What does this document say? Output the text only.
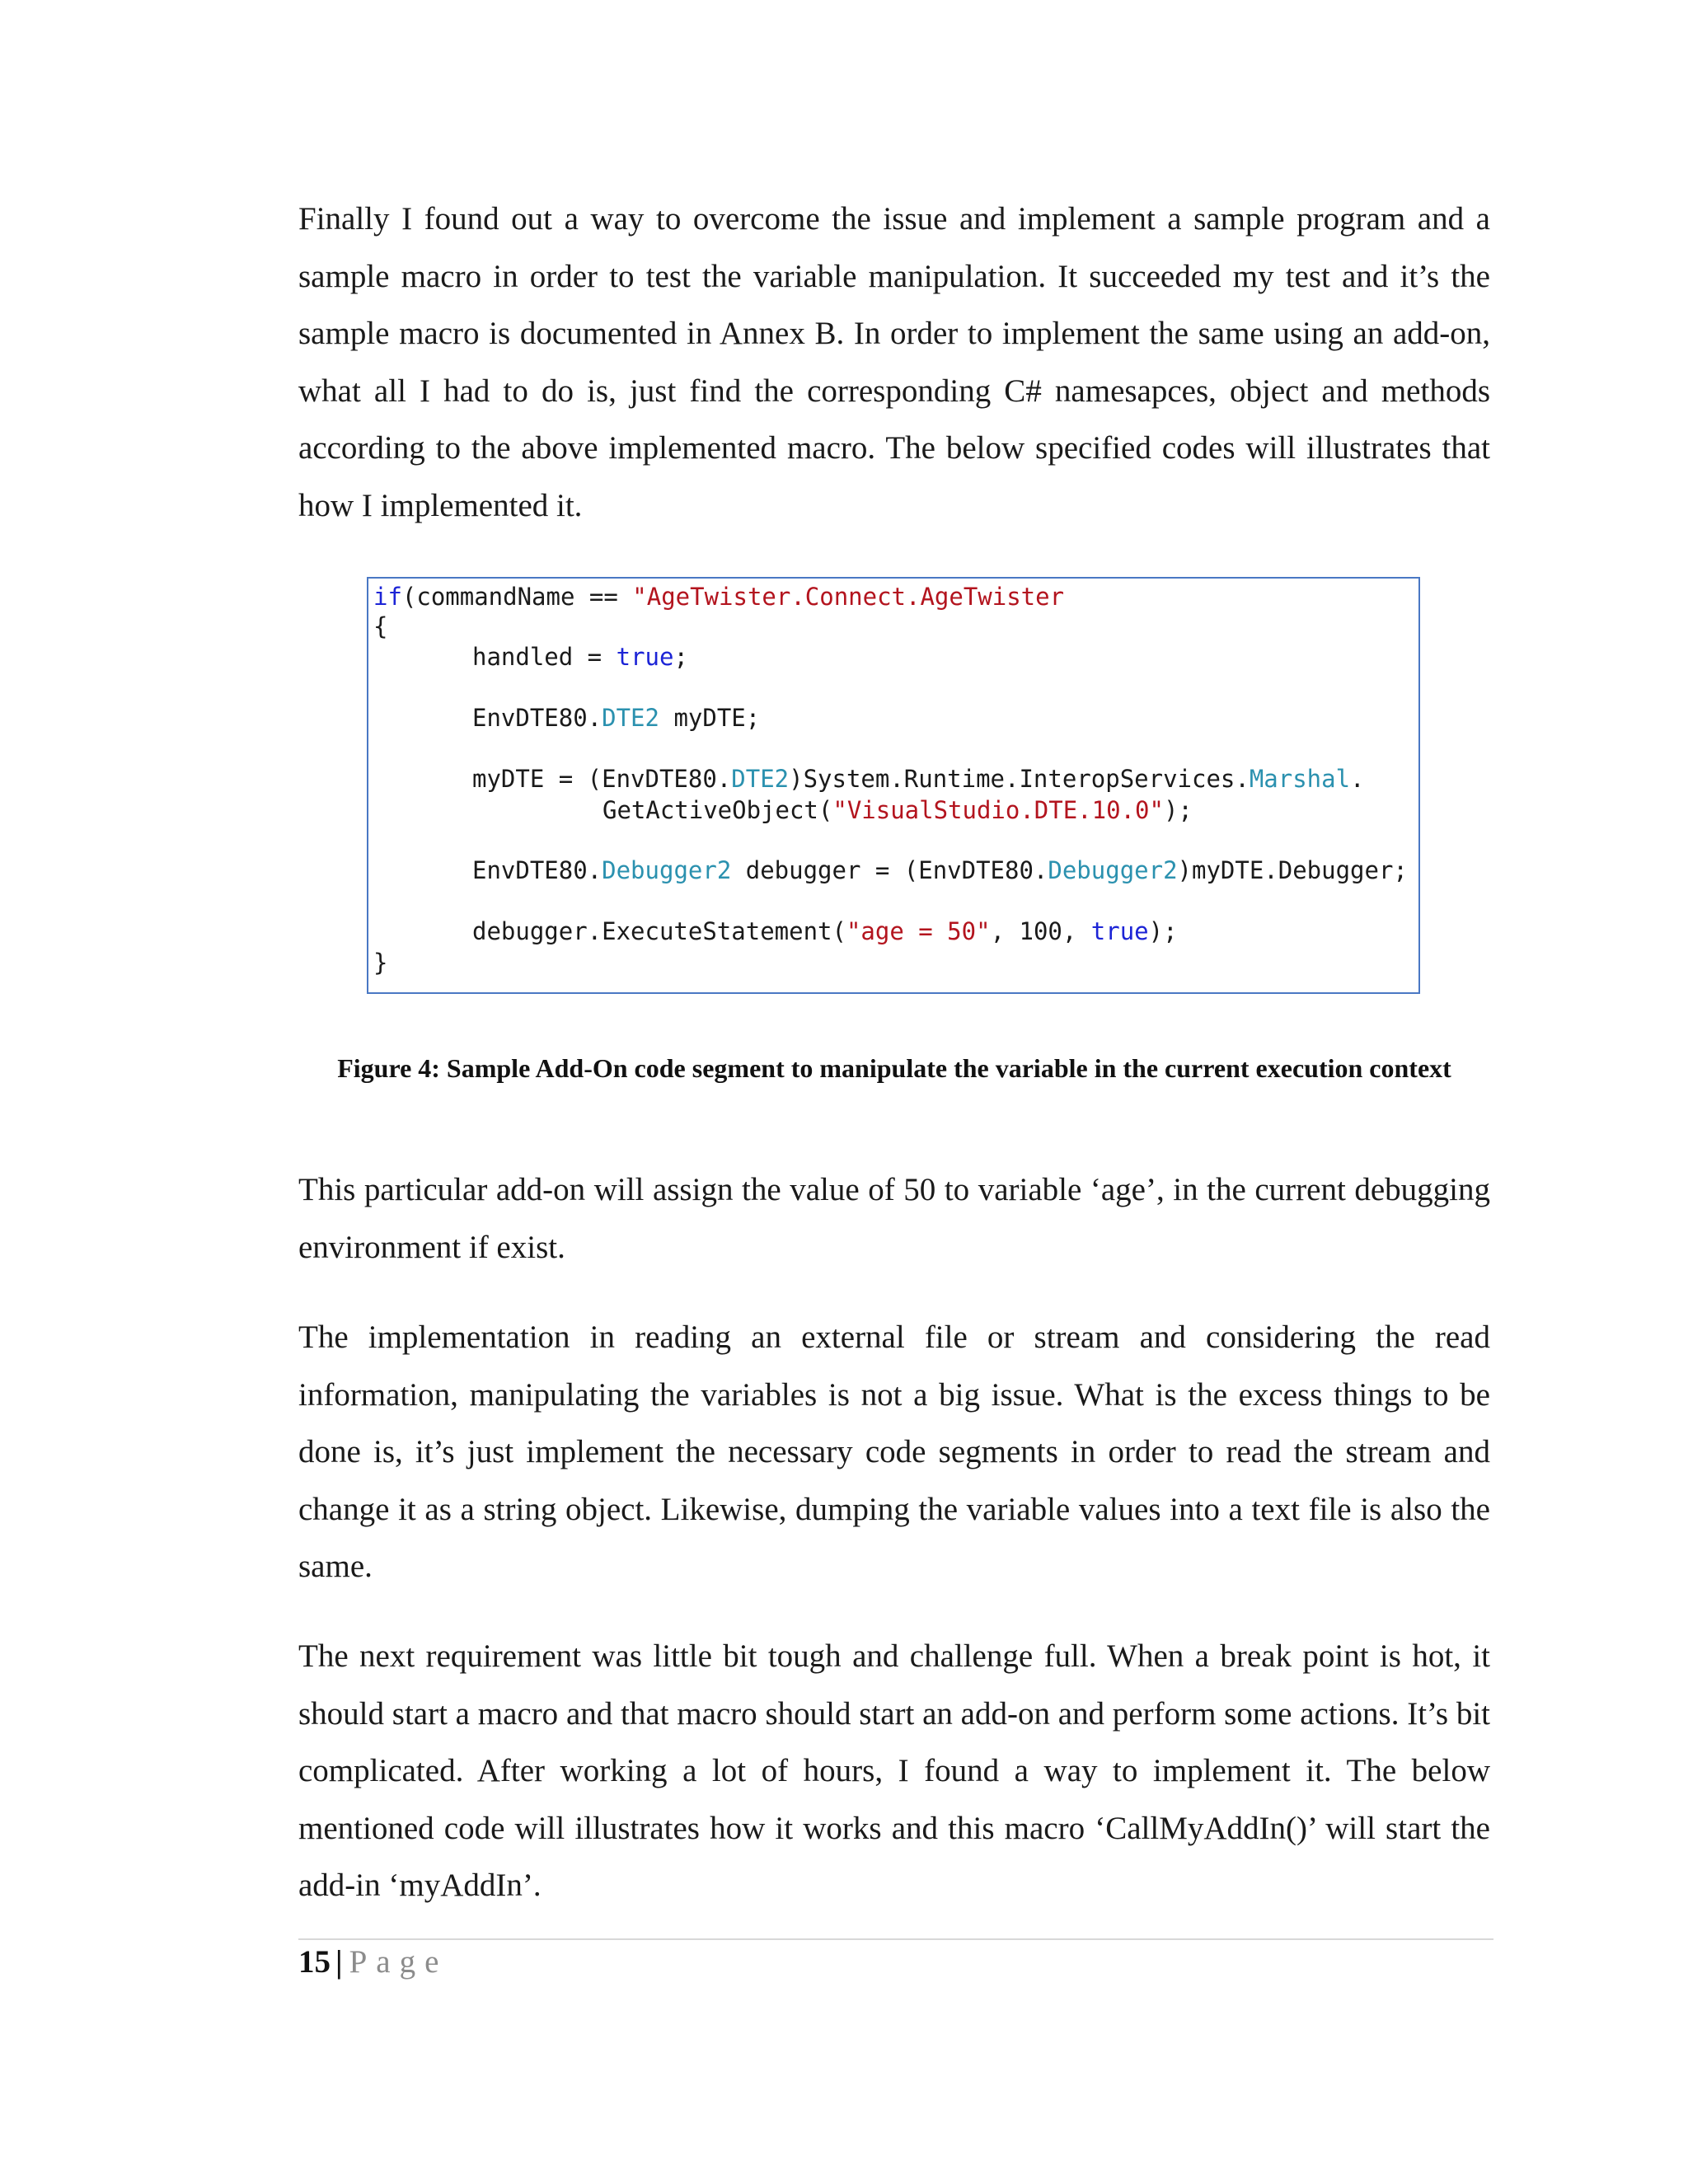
Finally I found out a way to overcome the issue and implement a sample program and a sample macro in order to test the variable manipulation. It succeeded my test and it’s the sample macro is documented in Annex B. In order to implement the same using an add-on, what all I had to do is, just find the corresponding C# namesapces, object and methods according to the above implemented macro. The below specified codes will illustrates that how I implemented it.

if(commandName == "AgeTwister.Connect.AgeTwister
{
handled = true;
EnvDTE80.DTE2 myDTE;
myDTE = (EnvDTE80.DTE2)System.Runtime.InteropServices.Marshal.
GetActiveObject("VisualStudio.DTE.10.0");
EnvDTE80.Debugger2 debugger = (EnvDTE80.Debugger2)myDTE.Debugger;
debugger.ExecuteStatement("age = 50", 100, true);
}
Figure 4: Sample Add-On code segment to manipulate the variable in the current execution context

This particular add-on will assign the value of 50 to variable ‘age’, in the current debugging environment if exist.

The implementation in reading an external file or stream and considering the read information, manipulating the variables is not a big issue. What is the excess things to be done is, it’s just implement the necessary code segments in order to read the stream and change it as a string object. Likewise, dumping the variable values into a text file is also the same.

The next requirement was little bit tough and challenge full. When a break point is hot, it should start a macro and that macro should start an add-on and perform some actions. It’s bit complicated. After working a lot of hours, I found a way to implement it. The below mentioned code will illustrates how it works and this macro ‘CallMyAddIn()’ will start the add-in ‘myAddIn’.

15 | Page
